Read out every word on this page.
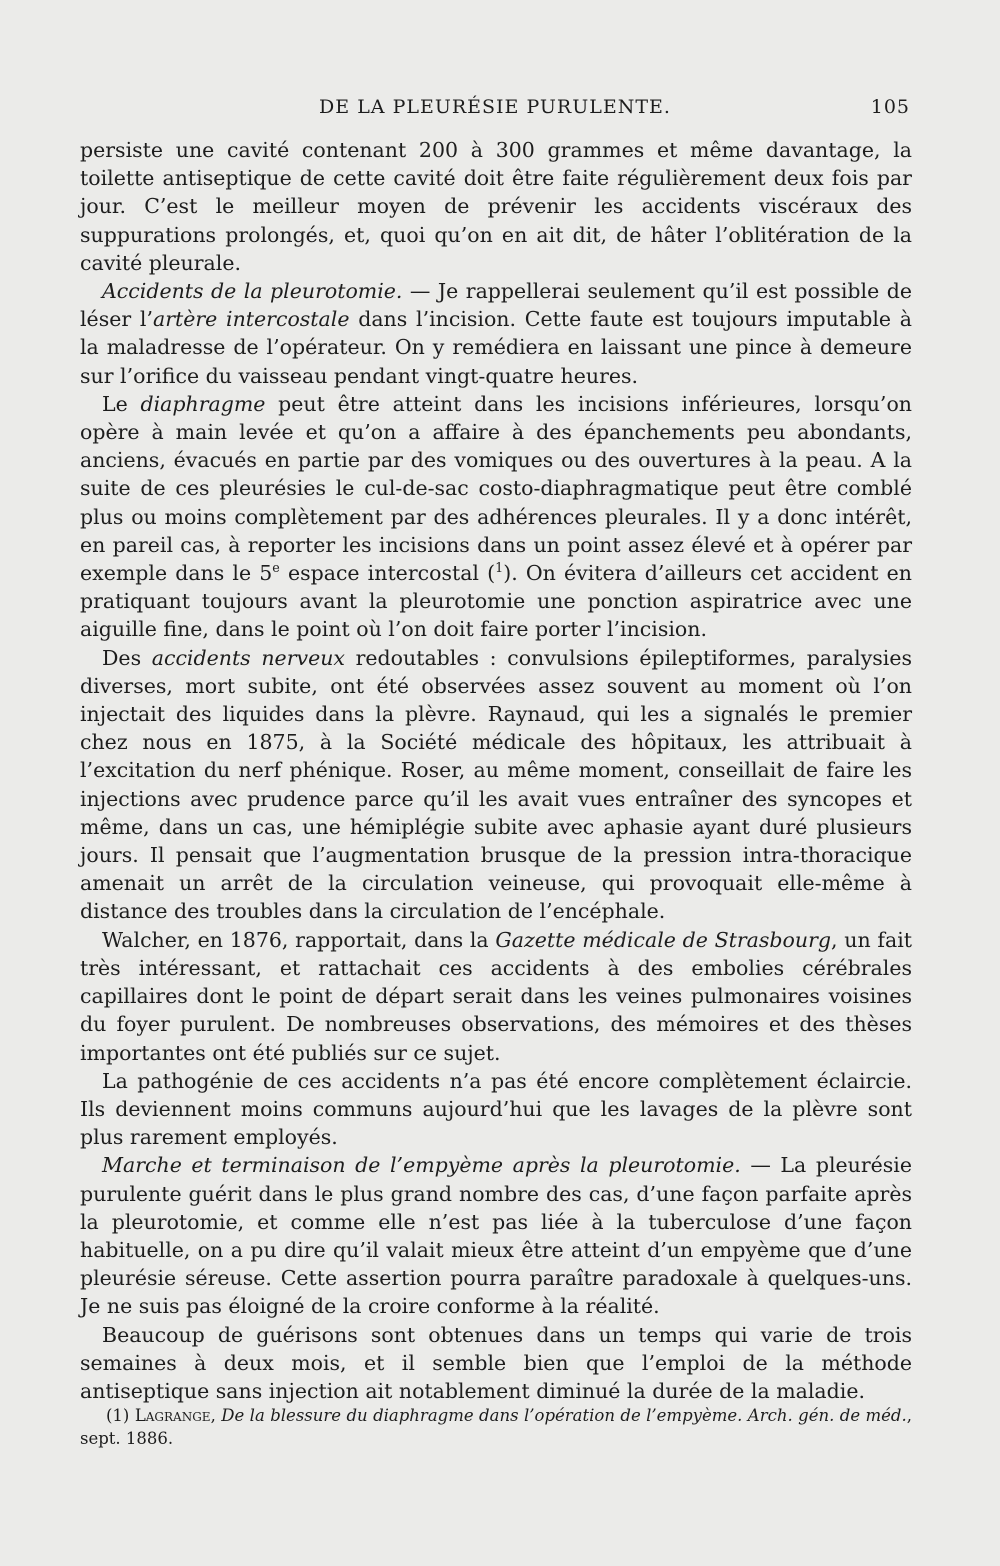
DE LA PLEURÉSIE PURULENTE.	105

persiste une cavité contenant 200 à 300 grammes et même davantage, la toilette antiseptique de cette cavité doit être faite régulièrement deux fois par jour. C’est le meilleur moyen de prévenir les accidents viscéraux des suppurations prolongés, et, quoi qu’on en ait dit, de hâter l’oblitération de la cavité pleurale.

Accidents de la pleurotomie. — Je rappellerai seulement qu’il est possible de léser l’artère intercostale dans l’incision. Cette faute est toujours imputable à la maladresse de l’opérateur. On y remédiera en laissant une pince à demeure sur l’orifice du vaisseau pendant vingt-quatre heures.

Le diaphragme peut être atteint dans les incisions inférieures, lorsqu’on opère à main levée et qu’on a affaire à des épanchements peu abondants, anciens, évacués en partie par des vomiques ou des ouvertures à la peau. A la suite de ces pleurésies le cul-de-sac costo-diaphragmatique peut être comblé plus ou moins complètement par des adhérences pleurales. Il y a donc intérêt, en pareil cas, à reporter les incisions dans un point assez élevé et à opérer par exemple dans le 5e espace intercostal ($^1$). On évitera d’ailleurs cet accident en pratiquant toujours avant la pleurotomie une ponction aspiratrice avec une aiguille fine, dans le point où l’on doit faire porter l’incision.

Des accidents nerveux redoutables : convulsions épileptiformes, paralysies diverses, mort subite, ont été observées assez souvent au moment où l’on injectait des liquides dans la plèvre. Raynaud, qui les a signalés le premier chez nous en 1875, à la Société médicale des hôpitaux, les attribuait à l’excitation du nerf phénique. Roser, au même moment, conseillait de faire les injections avec prudence parce qu’il les avait vues entraîner des syncopes et même, dans un cas, une hémiplégie subite avec aphasie ayant duré plusieurs jours. Il pensait que l’augmentation brusque de la pression intra-thoracique amenait un arrêt de la circulation veineuse, qui provoquait elle-même à distance des troubles dans la circulation de l’encéphale.

Walcher, en 1876, rapportait, dans la Gazette médicale de Strasbourg, un fait très intéressant, et rattachait ces accidents à des embolies cérébrales capillaires dont le point de départ serait dans les veines pulmonaires voisines du foyer purulent. De nombreuses observations, des mémoires et des thèses importantes ont été publiés sur ce sujet.

La pathogénie de ces accidents n’a pas été encore complètement éclaircie. Ils deviennent moins communs aujourd’hui que les lavages de la plèvre sont plus rarement employés.

Marche et terminaison de l’empyème après la pleurotomie. — La pleurésie purulente guérit dans le plus grand nombre des cas, d’une façon parfaite après la pleurotomie, et comme elle n’est pas liée à la tuberculose d’une façon habituelle, on a pu dire qu’il valait mieux être atteint d’un empyème que d’une pleurésie séreuse. Cette assertion pourra paraître paradoxale à quelques-uns. Je ne suis pas éloigné de la croire conforme à la réalité.

Beaucoup de guérisons sont obtenues dans un temps qui varie de trois semaines à deux mois, et il semble bien que l’emploi de la méthode antiseptique sans injection ait notablement diminué la durée de la maladie.

(1) Lagrange, De la blessure du diaphragme dans l’opération de l’empyème. Arch. gén. de méd., sept. 1886.
